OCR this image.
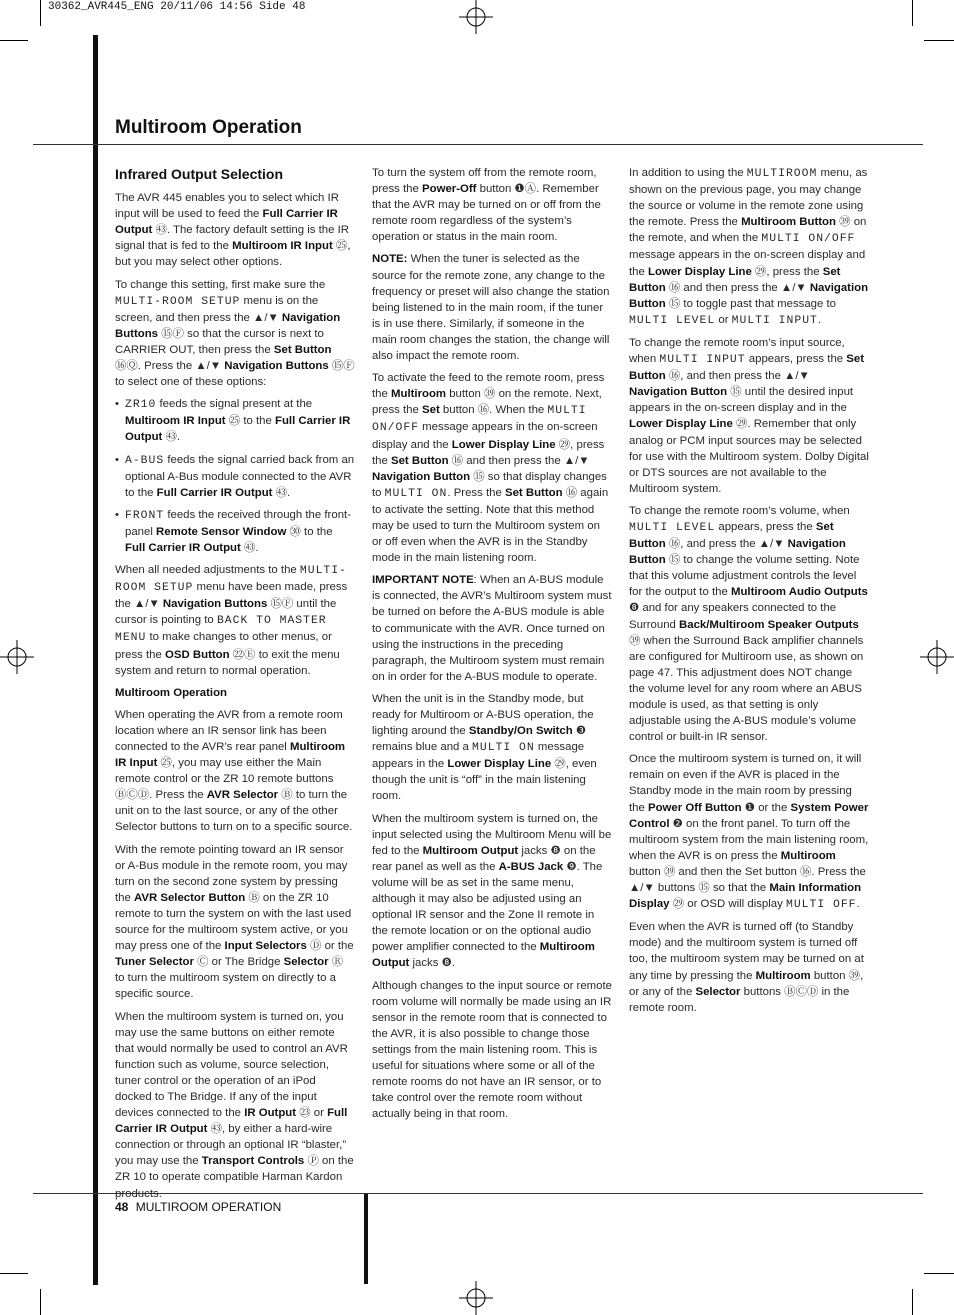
30362_AVR445_ENG 20/11/06 14:56 Side 48
Multiroom Operation
Infrared Output Selection

The AVR 445 enables you to select which IR input will be used to feed the Full Carrier IR Output ㊸. The factory default setting is the IR signal that is fed to the Multiroom IR Input ㉕, but you may select other options.

To change this setting, first make sure the MULTI-ROOM SETUP menu is on the screen, and then press the ▲/▼ Navigation Buttons ⑮Ⓕ so that the cursor is next to CARRIER OUT, then press the Set Button ⑯Ⓠ. Press the ▲/▼ Navigation Buttons ⑮Ⓕ to select one of these options:

• ZR10 feeds the signal present at the Multiroom IR Input ㉕ to the Full Carrier IR Output ㊸.
• A-BUS feeds the signal carried back from an optional A-Bus module connected to the AVR to the Full Carrier IR Output ㊸.
• FRONT feeds the received through the front-panel Remote Sensor Window ㉚ to the Full Carrier IR Output ㊸.

When all needed adjustments to the MULTI-ROOM SETUP menu have been made, press the ▲/▼ Navigation Buttons ⑮Ⓕ until the cursor is pointing to BACK TO MASTER MENU to make changes to other menus, or press the OSD Button ㉒Ⓔ to exit the menu system and return to normal operation.

Multiroom Operation

When operating the AVR from a remote room location where an IR sensor link has been connected to the AVR’s rear panel Multiroom IR Input ㉕, you may use either the Main remote control or the ZR 10 remote buttons ⒷⒸⒹ. Press the AVR Selector Ⓑ to turn the unit on to the last source, or any of the other Selector buttons to turn on to a specific source.

With the remote pointing toward an IR sensor or A-Bus module in the remote room, you may turn on the second zone system by pressing the AVR Selector Button Ⓑ on the ZR 10 remote to turn the system on with the last used source for the multiroom system active, or you may press one of the Input Selectors Ⓓ or the Tuner Selector Ⓒ or The Bridge Selector Ⓡ to turn the multiroom system on directly to a specific source.

When the multiroom system is turned on, you may use the same buttons on either remote that would normally be used to control an AVR function such as volume, source selection, tuner control or the operation of an iPod docked to The Bridge. If any of the input devices connected to the IR Output ㉓ or Full Carrier IR Output ㊸, by either a hard-wire connection or through an optional IR “blaster,” you may use the Transport Controls Ⓟ on the ZR 10 to operate compatible Harman Kardon products.

To turn the system off from the remote room, press the Power-Off button ❶Ⓐ. Remember that the AVR may be turned on or off from the remote room regardless of the system’s operation or status in the main room.

NOTE: When the tuner is selected as the source for the remote zone, any change to the frequency or preset will also change the station being listened to in the main room, if the tuner is in use there. Similarly, if someone in the main room changes the station, the change will also impact the remote room.

To activate the feed to the remote room, press the Multiroom button ㊴ on the remote. Next, press the Set button ⑯. When the MULTI ON/OFF message appears in the on-screen display and the Lower Display Line ㉙, press the Set Button ⑯ and then press the ▲/▼ Navigation Button ⑮ so that display changes to MULTI ON. Press the Set Button ⑯ again to activate the setting. Note that this method may be used to turn the Multiroom system on or off even when the AVR is in the Standby mode in the main listening room.

IMPORTANT NOTE: When an A-BUS module is connected, the AVR’s Multiroom system must be turned on before the A-BUS module is able to communicate with the AVR. Once turned on using the instructions in the preceding paragraph, the Multiroom system must remain on in order for the A-BUS module to operate.

When the unit is in the Standby mode, but ready for Multiroom or A-BUS operation, the lighting around the Standby/On Switch ❸ remains blue and a MULTI ON message appears in the Lower Display Line ㉙, even though the unit is “off” in the main listening room.

When the multiroom system is turned on, the input selected using the Multiroom Menu will be fed to the Multiroom Output jacks ❽ on the rear panel as well as the A-BUS Jack ❾. The volume will be as set in the same menu, although it may also be adjusted using an optional IR sensor and the Zone II remote in the remote location or on the optional audio power amplifier connected to the Multiroom Output jacks ❽.

Although changes to the input source or remote room volume will normally be made using an IR sensor in the remote room that is connected to the AVR, it is also possible to change those settings from the main listening room. This is useful for situations where some or all of the remote rooms do not have an IR sensor, or to take control over the remote room without actually being in that room.

In addition to using the MULTIROOM menu, as shown on the previous page, you may change the source or volume in the remote zone using the remote. Press the Multiroom Button ㊴ on the remote, and when the MULTI ON/OFF message appears in the on-screen display and the Lower Display Line ㉙, press the Set Button ⑯ and then press the ▲/▼ Navigation Button ⑮ to toggle past that message to MULTI LEVEL or MULTI INPUT.

To change the remote room’s input source, when MULTI INPUT appears, press the Set Button ⑯, and then press the ▲/▼ Navigation Button ⑮ until the desired input appears in the on-screen display and in the Lower Display Line ㉙. Remember that only analog or PCM input sources may be selected for use with the Multiroom system. Dolby Digital or DTS sources are not available to the Multiroom system.

To change the remote room’s volume, when MULTI LEVEL appears, press the Set Button ⑯, and press the ▲/▼ Navigation Button ⑮ to change the volume setting. Note that this volume adjustment controls the level for the output to the Multiroom Audio Outputs ❽ and for any speakers connected to the Surround Back/Multiroom Speaker Outputs ㊴ when the Surround Back amplifier channels are configured for Multiroom use, as shown on page 47. This adjustment does NOT change the volume level for any room where an ABUS module is used, as that setting is only adjustable using the A-BUS module’s volume control or built-in IR sensor.

Once the multiroom system is turned on, it will remain on even if the AVR is placed in the Standby mode in the main room by pressing the Power Off Button ❶ or the System Power Control ❷ on the front panel. To turn off the multiroom system from the main listening room, when the AVR is on press the Multiroom button ㊴ and then the Set button ⑯. Press the ▲/▼ buttons ⑮ so that the Main Information Display ㉙ or OSD will display MULTI OFF.

Even when the AVR is turned off (to Standby mode) and the multiroom system is turned off too, the multiroom system may be turned on at any time by pressing the Multiroom button ㊴, or any of the Selector buttons ⒷⒸⒹ in the remote room.

48 MULTIROOM OPERATION
